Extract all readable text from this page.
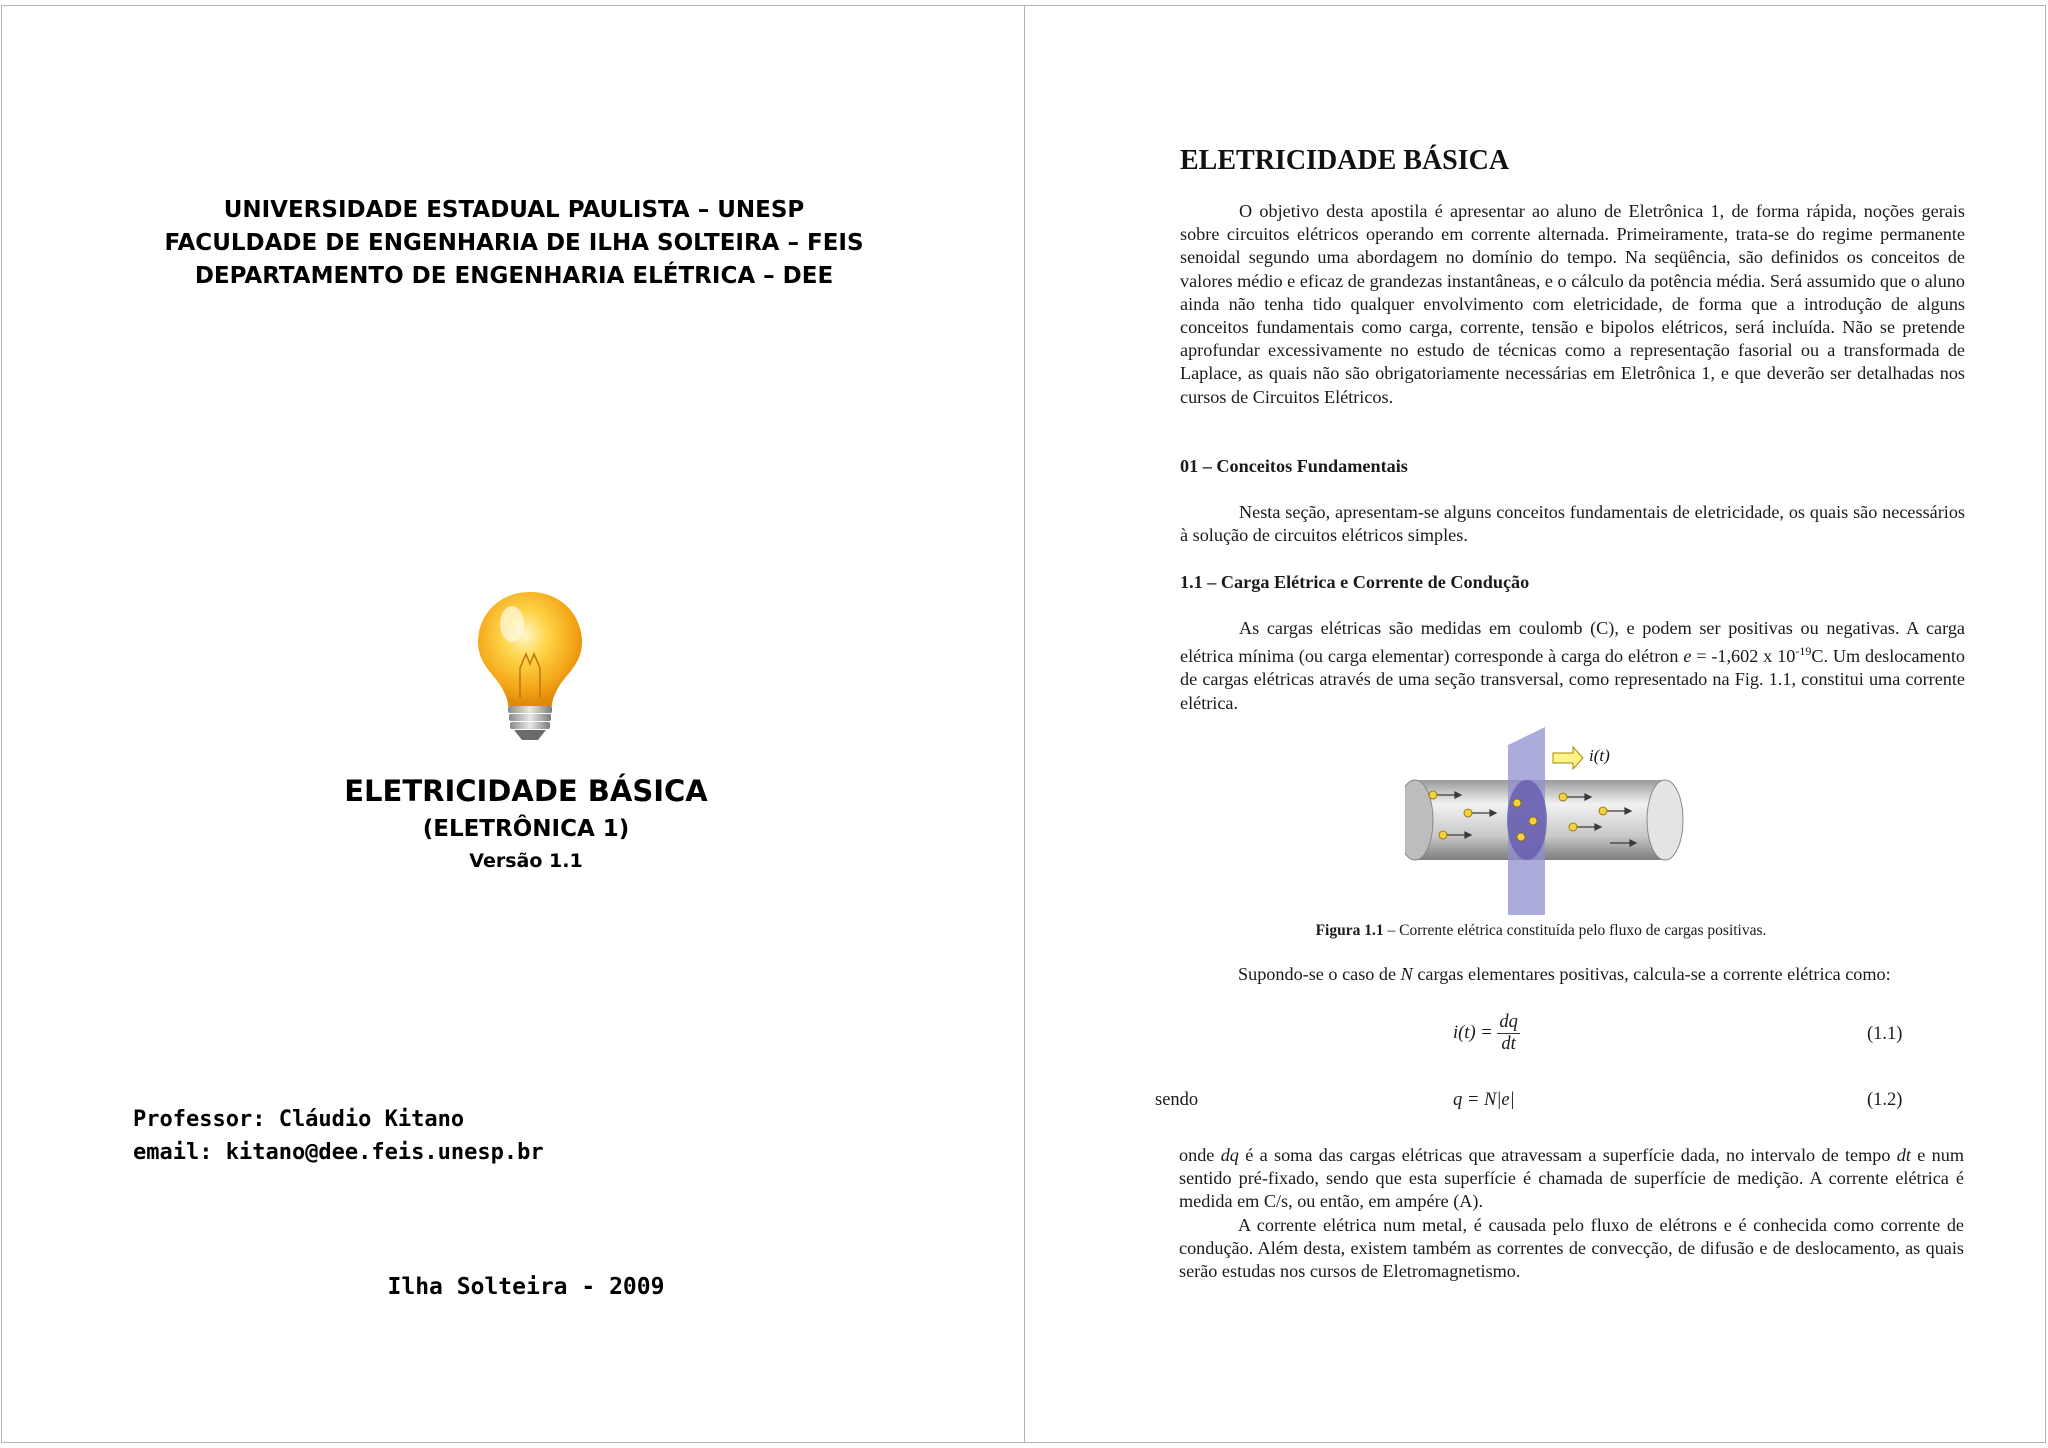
UNIVERSIDADE ESTADUAL PAULISTA – UNESP
FACULDADE DE ENGENHARIA DE ILHA SOLTEIRA – FEIS
DEPARTAMENTO DE ENGENHARIA ELÉTRICA – DEE
ELETRICIDADE BÁSICA
(ELETRÔNICA 1)
Versão 1.1
Professor: Cláudio Kitano
email: kitano@dee.feis.unesp.br
Ilha Solteira - 2009
ELETRICIDADE BÁSICA

O objetivo desta apostila é apresentar ao aluno de Eletrônica 1, de forma rápida, noções gerais sobre circuitos elétricos operando em corrente alternada. Primeiramente, trata-se do regime permanente senoidal segundo uma abordagem no domínio do tempo. Na seqüência, são definidos os conceitos de valores médio e eficaz de grandezas instantâneas, e o cálculo da potência média. Será assumido que o aluno ainda não tenha tido qualquer envolvimento com eletricidade, de forma que a introdução de alguns conceitos fundamentais como carga, corrente, tensão e bipolos elétricos, será incluída. Não se pretende aprofundar excessivamente no estudo de técnicas como a representação fasorial ou a transformada de Laplace, as quais não são obrigatoriamente necessárias em Eletrônica 1, e que deverão ser detalhadas nos cursos de Circuitos Elétricos.

01 – Conceitos Fundamentais

Nesta seção, apresentam-se alguns conceitos fundamentais de eletricidade, os quais são necessários à solução de circuitos elétricos simples.

1.1 – Carga Elétrica e Corrente de Condução

As cargas elétricas são medidas em coulomb (C), e podem ser positivas ou negativas. A carga elétrica mínima (ou carga elementar) corresponde à carga do elétron e = -1,602 x $10^{-19}C$. Um deslocamento de cargas elétricas através de uma seção transversal, como representado na Fig. 1.1, constitui uma corrente elétrica.

i(t)
Figura 1.1 – Corrente elétrica constituída pelo fluxo de cargas positivas.

Supondo-se o caso de N cargas elementares positivas, calcula-se a corrente elétrica como:

$i(t) = \frac{dq}{dt}$	(1.1)
sendo	q = N|e|	(1.2)

onde dq é a soma das cargas elétricas que atravessam a superfície dada, no intervalo de tempo dt e num sentido pré-fixado, sendo que esta superfície é chamada de superfície de medição. A corrente elétrica é medida em C/s, ou então, em ampére (A).

A corrente elétrica num metal, é causada pelo fluxo de elétrons e é conhecida como corrente de condução. Além desta, existem também as correntes de convecção, de difusão e de deslocamento, as quais serão estudas nos cursos de Eletromagnetismo.
